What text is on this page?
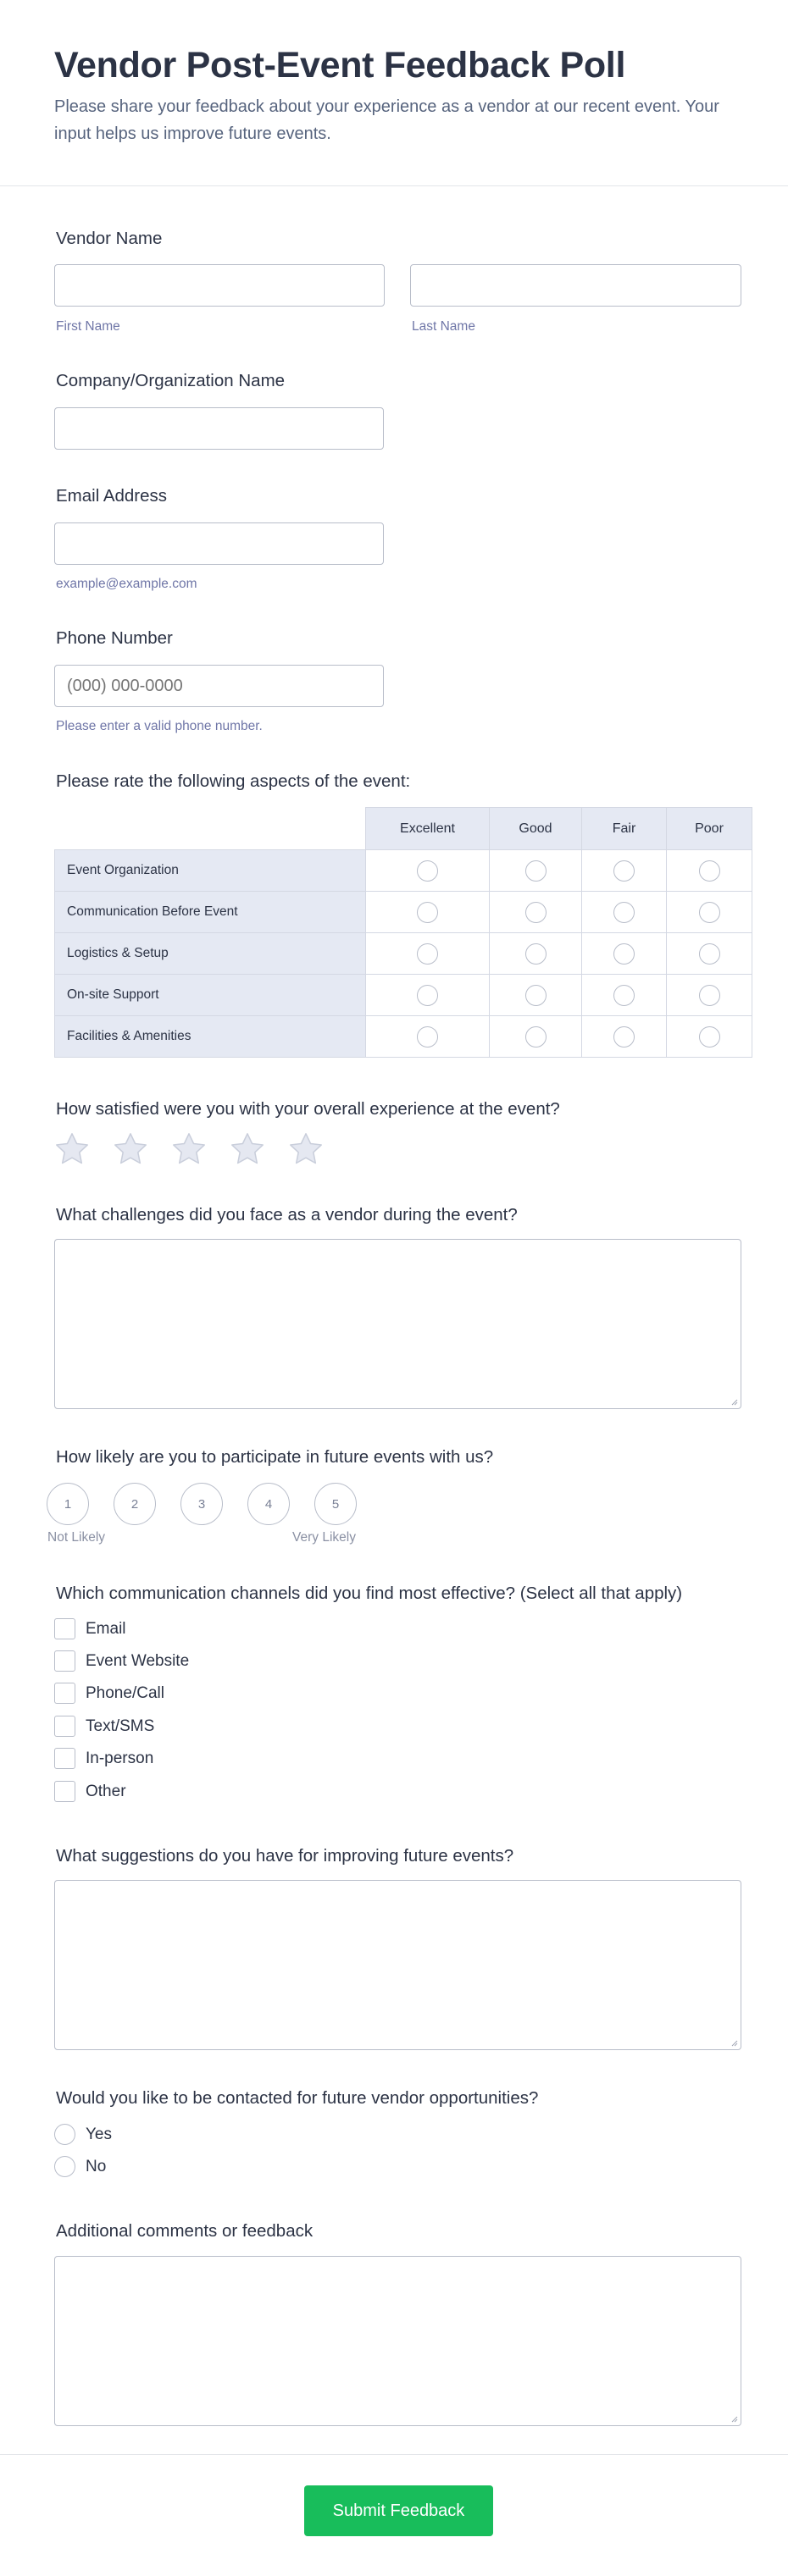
Vendor Post-Event Feedback Poll

Please share your feedback about your experience as a vendor at our recent event. Your input helps us improve future events.

Vendor Name
First Name	Last Name
Company/Organization Name
Email Address
example@example.com
Phone Number
(000) 000-0000
Please enter a valid phone number.
Please rate the following aspects of the event:
	Excellent	Good	Fair	Poor
Event Organization				
Communication Before Event				
Logistics & Setup				
On-site Support				
Facilities & Amenities				
How satisfied were you with your overall experience at the event?
What challenges did you face as a vendor during the event?
How likely are you to participate in future events with us?
1	2	3	4	5
Not Likely	Very Likely
Which communication channels did you find most effective? (Select all that apply)
Email
Event Website
Phone/Call
Text/SMS
In-person
Other
What suggestions do you have for improving future events?
Would you like to be contacted for future vendor opportunities?
Yes
No
Additional comments or feedback
Submit Feedback
